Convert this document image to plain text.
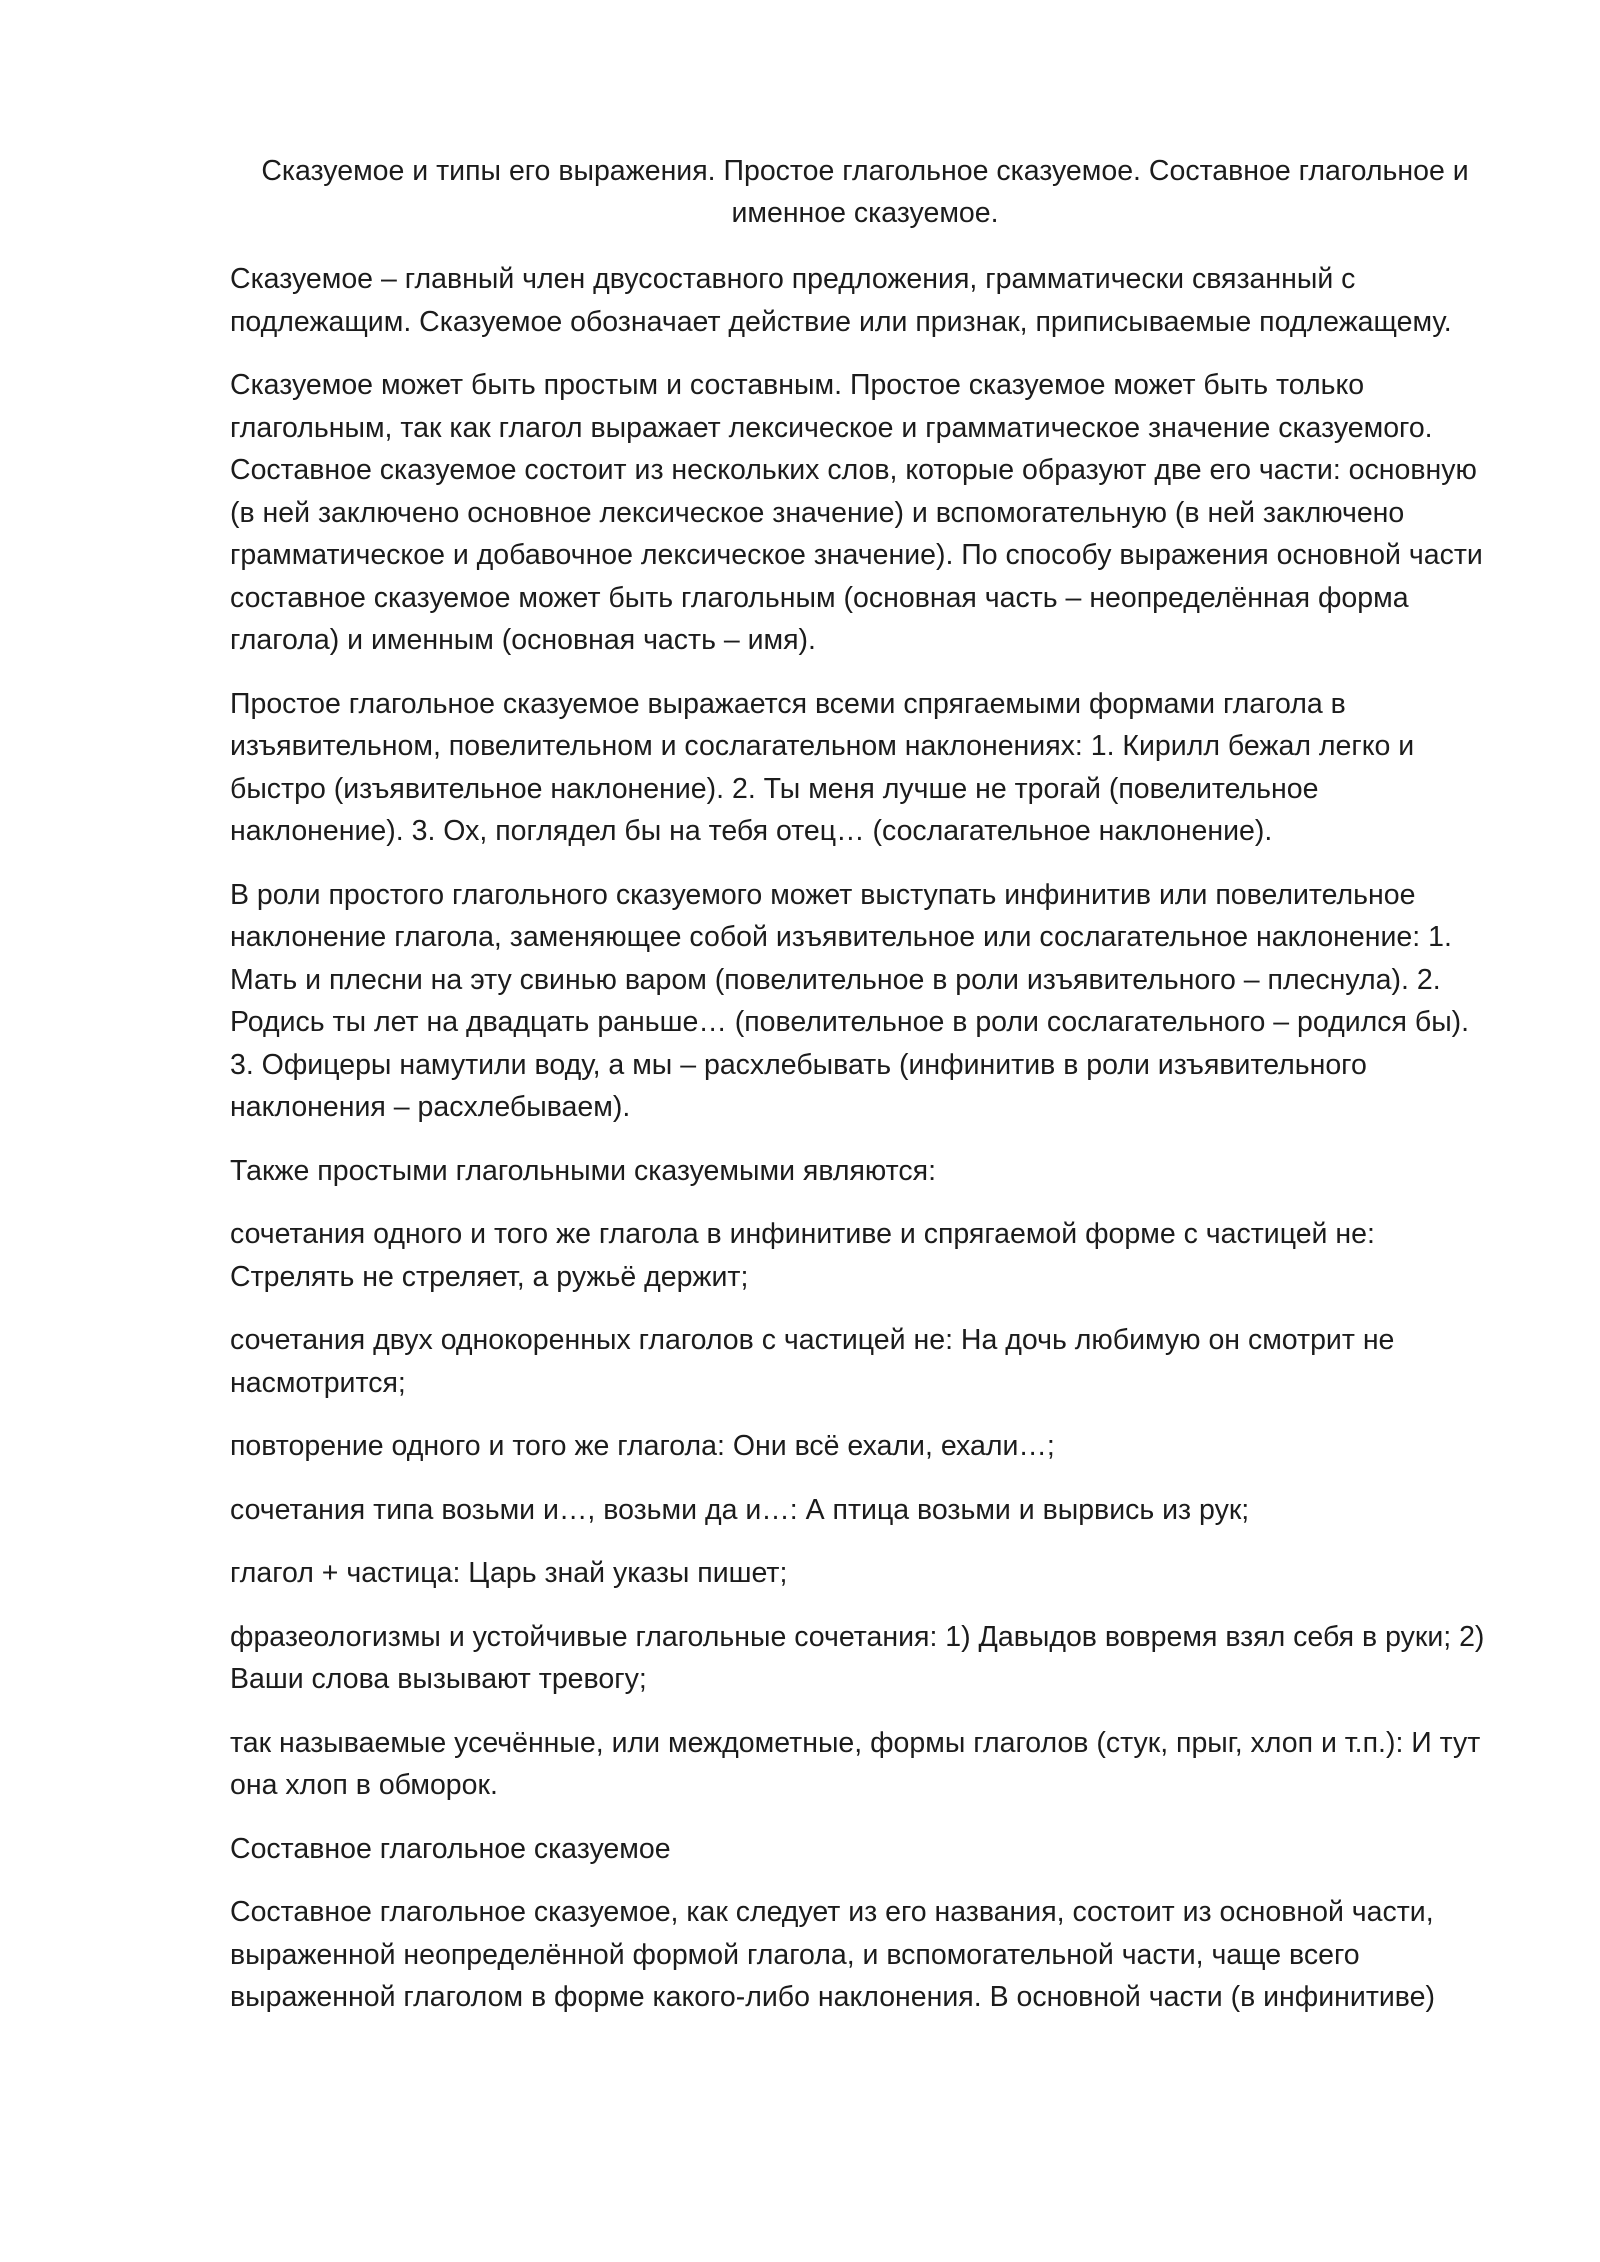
Сказуемое и типы его выражения. Простое глагольное сказуемое. Составное глагольное и именное сказуемое.

Сказуемое – главный член двусоставного предложения, грамматически связанный с подлежащим. Сказуемое обозначает действие или признак, приписываемые подлежащему.

Сказуемое может быть простым и составным. Простое сказуемое может быть только глагольным, так как глагол выражает лексическое и грамматическое значение сказуемого. Составное сказуемое состоит из нескольких слов, которые образуют две его части: основную (в ней заключено основное лексическое значение) и вспомогательную (в ней заключено грамматическое и добавочное лексическое значение). По способу выражения основной части составное сказуемое может быть глагольным (основная часть – неопределённая форма глагола) и именным (основная часть – имя).

Простое глагольное сказуемое выражается всеми спрягаемыми формами глагола в изъявительном, повелительном и сослагательном наклонениях: 1. Кирилл бежал легко и быстро (изъявительное наклонение). 2. Ты меня лучше не трогай (повелительное наклонение). 3. Ох, поглядел бы на тебя отец… (сослагательное наклонение).

В роли простого глагольного сказуемого может выступать инфинитив или повелительное наклонение глагола, заменяющее собой изъявительное или сослагательное наклонение: 1. Мать и плесни на эту свинью варом (повелительное в роли изъявительного – плеснула). 2. Родись ты лет на двадцать раньше… (повелительное в роли сослагательного – родился бы). 3. Офицеры намутили воду, а мы – расхлебывать (инфинитив в роли изъявительного наклонения – расхлебываем).

Также простыми глагольными сказуемыми являются:

сочетания одного и того же глагола в инфинитиве и спрягаемой форме с частицей не: Стрелять не стреляет, а ружьё держит;

сочетания двух однокоренных глаголов с частицей не: На дочь любимую он смотрит не насмотрится;

повторение одного и того же глагола: Они всё ехали, ехали…;

сочетания типа возьми и…, возьми да и…: А птица возьми и вырвись из рук;

глагол + частица: Царь знай указы пишет;

фразеологизмы и устойчивые глагольные сочетания: 1) Давыдов вовремя взял себя в руки; 2) Ваши слова вызывают тревогу;

так называемые усечённые, или междометные, формы глаголов (стук, прыг, хлоп и т.п.): И тут она хлоп в обморок.

Составное глагольное сказуемое

Составное глагольное сказуемое, как следует из его названия, состоит из основной части, выраженной неопределённой формой глагола, и вспомогательной части, чаще всего выраженной глаголом в форме какого-либо наклонения. В основной части (в инфинитиве)
